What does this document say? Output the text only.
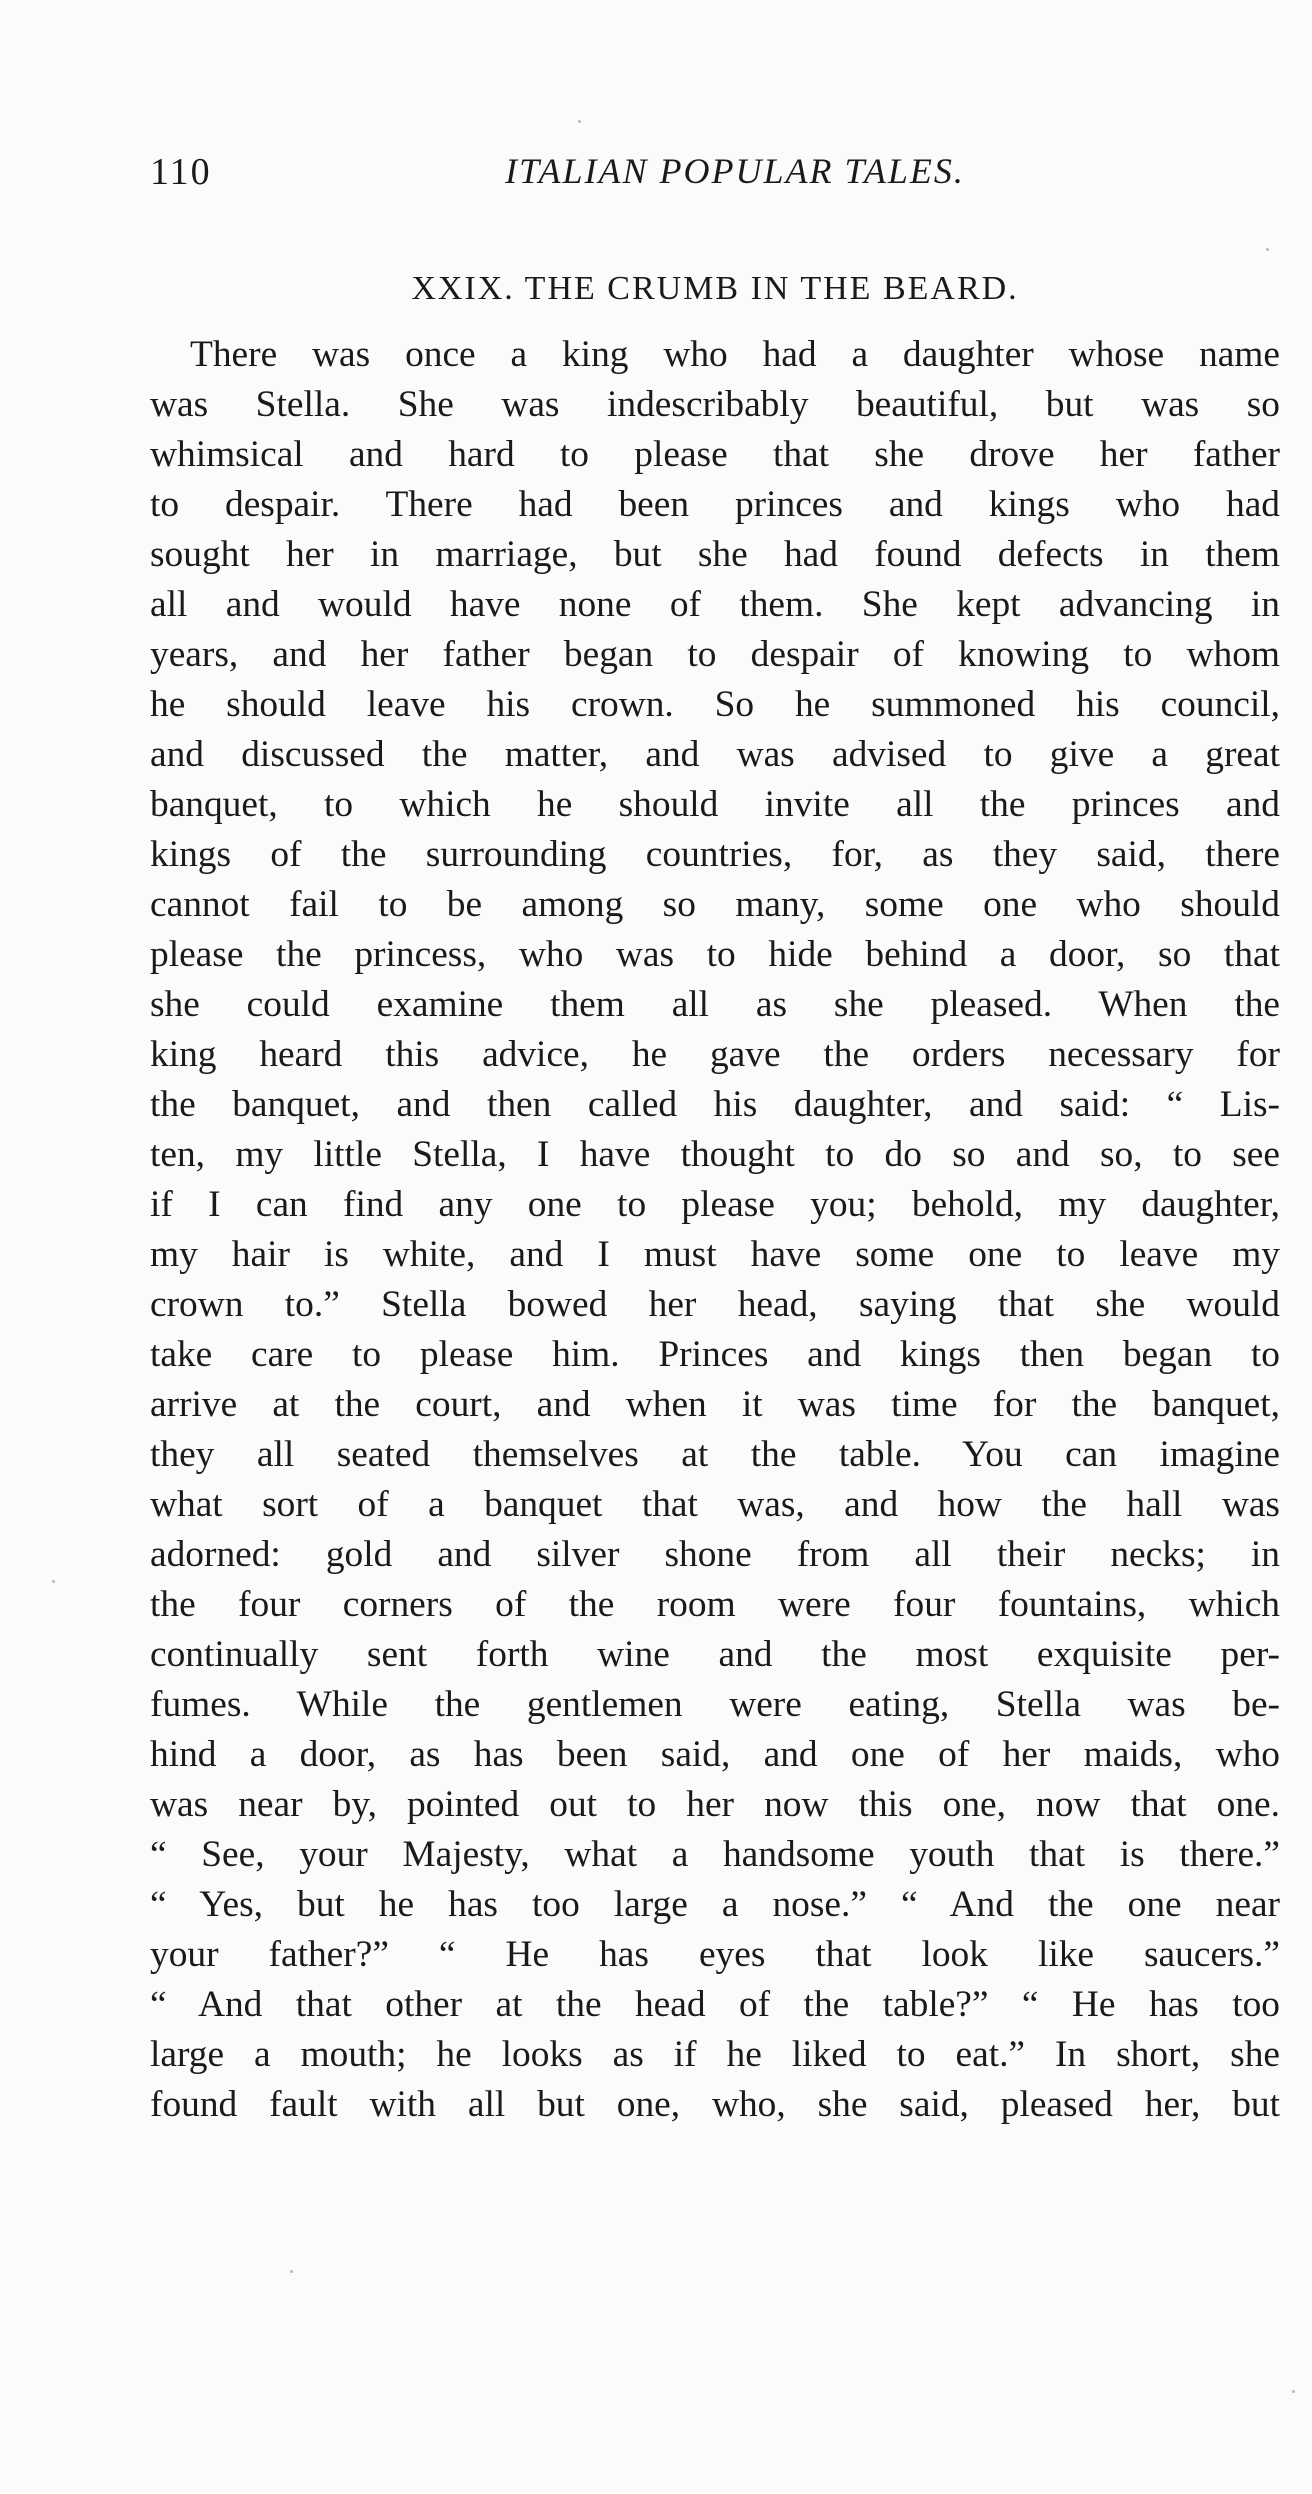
110	ITALIAN POPULAR TALES.
XXIX. THE CRUMB IN THE BEARD.
There was once a king who had a daughter whose name
was Stella. She was indescribably beautiful, but was so
whimsical and hard to please that she drove her father
to despair. There had been princes and kings who had
sought her in marriage, but she had found defects in them
all and would have none of them. She kept advancing in
years, and her father began to despair of knowing to whom
he should leave his crown. So he summoned his council,
and discussed the matter, and was advised to give a great
banquet, to which he should invite all the princes and
kings of the surrounding countries, for, as they said, there
cannot fail to be among so many, some one who should
please the princess, who was to hide behind a door, so that
she could examine them all as she pleased. When the
king heard this advice, he gave the orders necessary for
the banquet, and then called his daughter, and said: “ Lis-
ten, my little Stella, I have thought to do so and so, to see
if I can find any one to please you; behold, my daughter,
my hair is white, and I must have some one to leave my
crown to.” Stella bowed her head, saying that she would
take care to please him. Princes and kings then began to
arrive at the court, and when it was time for the banquet,
they all seated themselves at the table. You can imagine
what sort of a banquet that was, and how the hall was
adorned: gold and silver shone from all their necks; in
the four corners of the room were four fountains, which
continually sent forth wine and the most exquisite per-
fumes. While the gentlemen were eating, Stella was be-
hind a door, as has been said, and one of her maids, who
was near by, pointed out to her now this one, now that one.
“ See, your Majesty, what a handsome youth that is there.”
“ Yes, but he has too large a nose.” “ And the one near
your father?” “ He has eyes that look like saucers.”
“ And that other at the head of the table?” “ He has too
large a mouth; he looks as if he liked to eat.” In short, she
found fault with all but one, who, she said, pleased her, but
